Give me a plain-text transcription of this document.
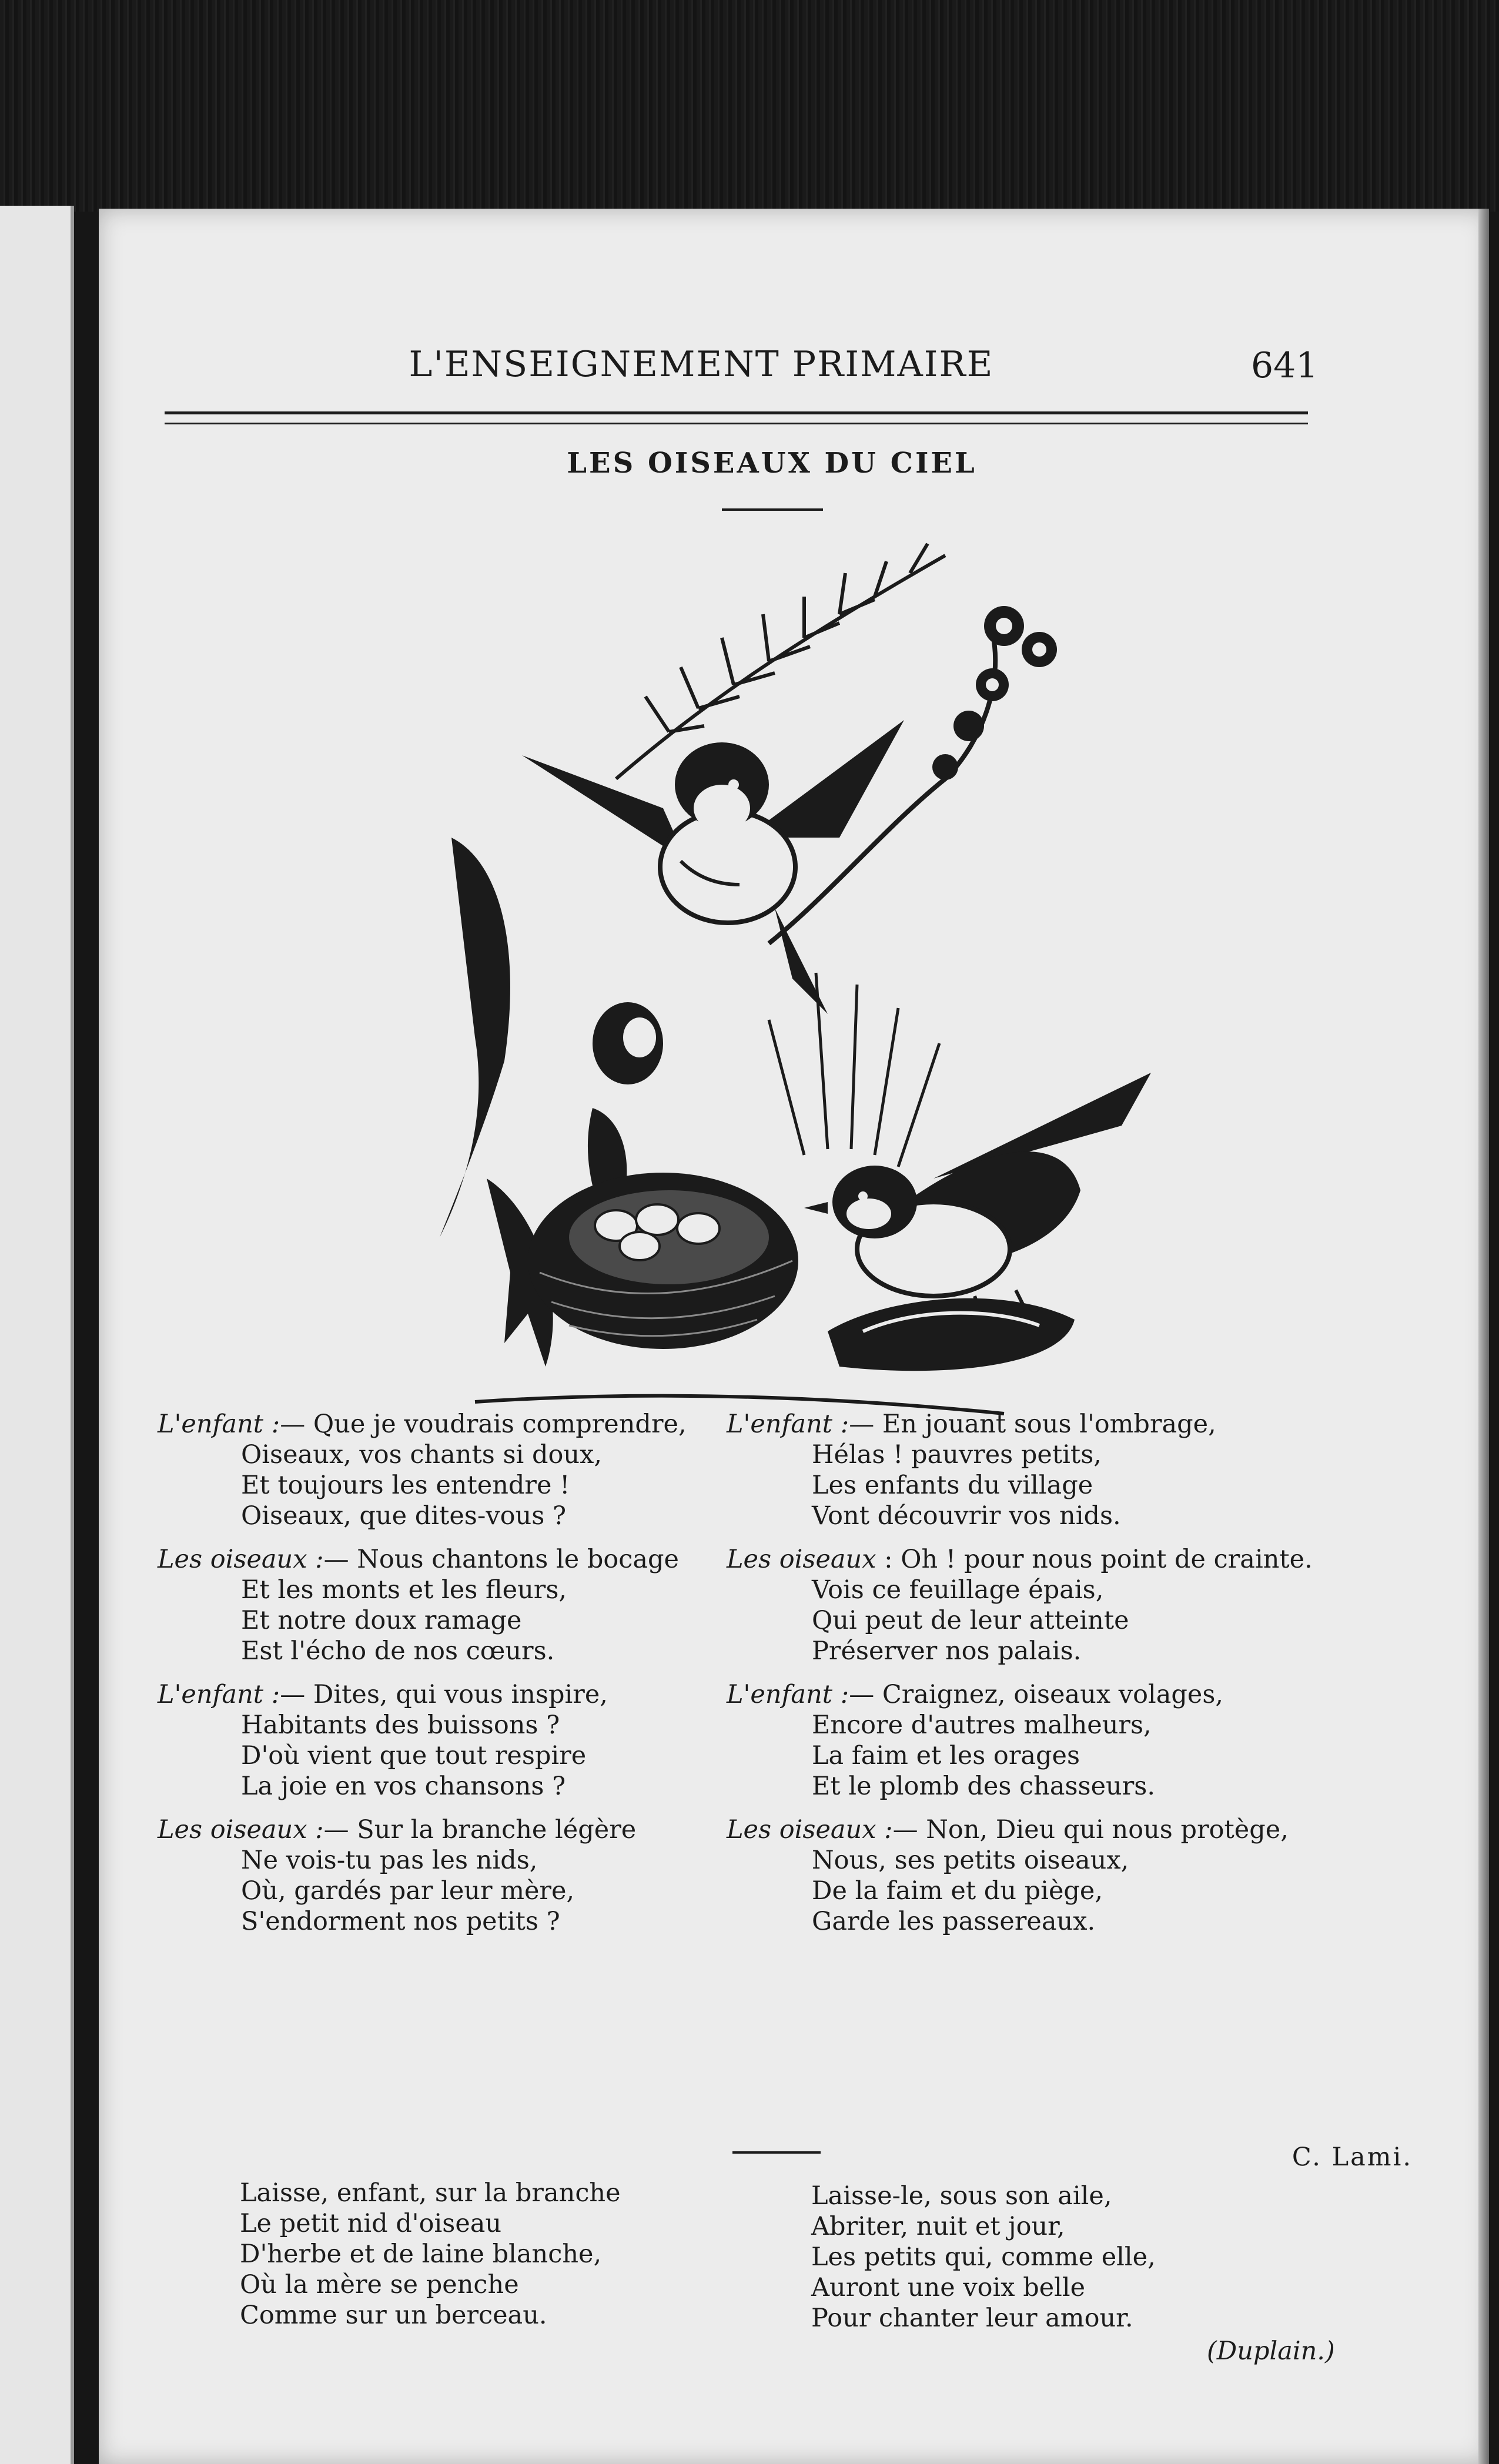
L'ENSEIGNEMENT PRIMAIRE	641
LES OISEAUX DU CIEL
L'enfant :— Que je voudrais comprendre,
Oiseaux, vos chants si doux,
Et toujours les entendre !
Oiseaux, que dites-vous ?
Les oiseaux :— Nous chantons le bocage
Et les monts et les fleurs,
Et notre doux ramage
Est l'écho de nos cœurs.
L'enfant :— Dites, qui vous inspire,
Habitants des buissons ?
D'où vient que tout respire
La joie en vos chansons ?
Les oiseaux :— Sur la branche légère
Ne vois-tu pas les nids,
Où, gardés par leur mère,
S'endorment nos petits ?
L'enfant :— En jouant sous l'ombrage,
Hélas ! pauvres petits,
Les enfants du village
Vont découvrir vos nids.
Les oiseaux : Oh ! pour nous point de crainte.
Vois ce feuillage épais,
Qui peut de leur atteinte
Préserver nos palais.
L'enfant :— Craignez, oiseaux volages,
Encore d'autres malheurs,
La faim et les orages
Et le plomb des chasseurs.
Les oiseaux :— Non, Dieu qui nous protège,
Nous, ses petits oiseaux,
De la faim et du piège,
Garde les passereaux.
C. Lami.
Laisse, enfant, sur la branche
Le petit nid d'oiseau
D'herbe et de laine blanche,
Où la mère se penche
Comme sur un berceau.
Laisse-le, sous son aile,
Abriter, nuit et jour,
Les petits qui, comme elle,
Auront une voix belle
Pour chanter leur amour.
(Duplain.)
